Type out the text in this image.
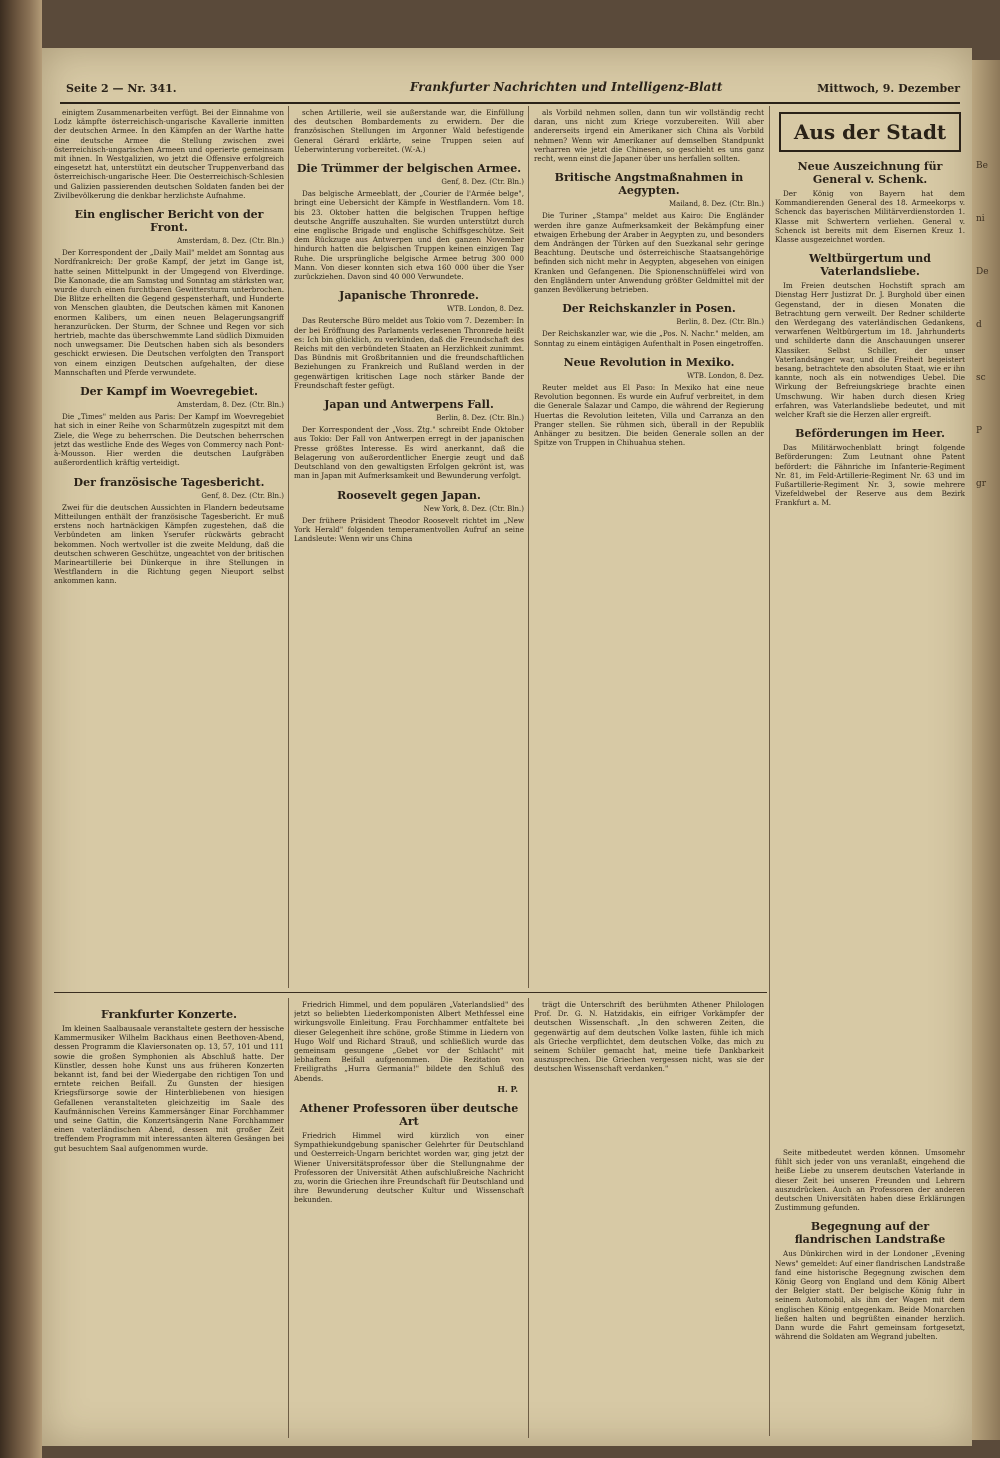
Seite 2 — Nr. 341.	Frankfurter Nachrichten und Intelligenz-Blatt	Mittwoch, 9. Dezember

einigtem Zusammenarbeiten verfügt. Bei der Einnahme von Lodz kämpfte österreichisch-ungarische Kavallerie inmitten der deutschen Armee. In den Kämpfen an der Warthe hatte eine deutsche Armee die Stellung zwischen zwei österreichisch-ungarischen Armeen und operierte gemeinsam mit ihnen. In Westgalizien, wo jetzt die Offensive erfolgreich eingesetzt hat, unterstützt ein deutscher Truppenverband das österreichisch-ungarische Heer. Die Oesterreichisch-Schlesien und Galizien passierenden deutschen Soldaten fanden bei der Zivilbevölkerung die denkbar herzlichste Aufnahme.

Ein englischer Bericht von der Front.
Amsterdam, 8. Dez. (Ctr. Bln.)

Der Korrespondent der „Daily Mail" meldet am Sonntag aus Nordfrankreich: Der große Kampf, der jetzt im Gange ist, hatte seinen Mittelpunkt in der Umgegend von Elverdinge. Die Kanonade, die am Samstag und Sonntag am stärksten war, wurde durch einen furchtbaren Gewittersturm unterbrochen. Die Blitze erhellten die Gegend gespensterhaft, und Hunderte von Menschen glaubten, die Deutschen kämen mit Kanonen enormen Kalibers, um einen neuen Belagerungsangriff heranzurücken. Der Sturm, der Schnee und Regen vor sich hertrieb, machte das überschwemmte Land südlich Dixmuiden noch unwegsamer. Die Deutschen haben sich als besonders geschickt erwiesen. Die Deutschen verfolgten den Transport von einem einzigen Deutschen aufgehalten, der diese Mannschaften und Pferde verwundete.

Der Kampf im Woevregebiet.
Amsterdam, 8. Dez. (Ctr. Bln.)

Die „Times" melden aus Paris: Der Kampf im Woevregebiet hat sich in einer Reihe von Scharmützeln zugespitzt mit dem Ziele, die Wege zu beherrschen. Die Deutschen beherrschen jetzt das westliche Ende des Weges von Commercy nach Pont-à-Mousson. Hier werden die deutschen Laufgräben außerordentlich kräftig verteidigt.

Der französische Tagesbericht.
Genf, 8. Dez. (Ctr. Bln.)

Zwei für die deutschen Aussichten in Flandern bedeutsame Mitteilungen enthält der französische Tagesbericht. Er muß erstens noch hartnäckigen Kämpfen zugestehen, daß die Verbündeten am linken Yserufer rückwärts gebracht bekommen. Noch wertvoller ist die zweite Meldung, daß die deutschen schweren Geschütze, ungeachtet von der britischen Marineartillerie bei Dünkerque in ihre Stellungen in Westflandern in die Richtung gegen Nieuport selbst ankommen kann.

schen Artillerie, weil sie außerstande war, die Einfüllung des deutschen Bombardements zu erwidern. Der die französischen Stellungen im Argonner Wald befestigende General Gérard erklärte, seine Truppen seien auf Ueberwinterung vorbereitet. (W.-A.)

Die Trümmer der belgischen Armee.
Genf, 8. Dez. (Ctr. Bln.)

Das belgische Armeeblatt, der „Courier de l'Armée belge", bringt eine Uebersicht der Kämpfe in Westflandern. Vom 18. bis 23. Oktober hatten die belgischen Truppen heftige deutsche Angriffe auszuhalten. Sie wurden unterstützt durch eine englische Brigade und englische Schiffsgeschütze. Seit dem Rückzuge aus Antwerpen und den ganzen November hindurch hatten die belgischen Truppen keinen einzigen Tag Ruhe. Die ursprüngliche belgische Armee betrug 300 000 Mann. Von dieser konnten sich etwa 160 000 über die Yser zurückziehen. Davon sind 40 000 Verwundete.

Japanische Thronrede.
WTB. London, 8. Dez.

Das Reutersche Büro meldet aus Tokio vom 7. Dezember: In der bei Eröffnung des Parlaments verlesenen Thronrede heißt es: Ich bin glücklich, zu verkünden, daß die Freundschaft des Reichs mit den verbündeten Staaten an Herzlichkeit zunimmt. Das Bündnis mit Großbritannien und die freundschaftlichen Beziehungen zu Frankreich und Rußland werden in der gegenwärtigen kritischen Lage noch stärker Bande der Freundschaft fester gefügt.

Japan und Antwerpens Fall.
Berlin, 8. Dez. (Ctr. Bln.)

Der Korrespondent der „Voss. Ztg." schreibt Ende Oktober aus Tokio: Der Fall von Antwerpen erregt in der japanischen Presse größtes Interesse. Es wird anerkannt, daß die Belagerung von außerordentlicher Energie zeugt und daß Deutschland von den gewaltigsten Erfolgen gekrönt ist, was man in Japan mit Aufmerksamkeit und Bewunderung verfolgt.

Roosevelt gegen Japan.
New York, 8. Dez. (Ctr. Bln.)

Der frühere Präsident Theodor Roosevelt richtet im „New York Herald" folgenden temperamentvollen Aufruf an seine Landsleute: Wenn wir uns China

als Vorbild nehmen sollen, dann tun wir vollständig recht daran, uns nicht zum Kriege vorzubereiten. Will aber andererseits irgend ein Amerikaner sich China als Vorbild nehmen? Wenn wir Amerikaner auf demselben Standpunkt verharren wie jetzt die Chinesen, so geschieht es uns ganz recht, wenn einst die Japaner über uns herfallen sollten.

Britische Angstmaßnahmen in Aegypten.
Mailand, 8. Dez. (Ctr. Bln.)

Die Turiner „Stampa" meldet aus Kairo: Die Engländer werden ihre ganze Aufmerksamkeit der Bekämpfung einer etwaigen Erhebung der Araber in Aegypten zu, und besonders dem Andrängen der Türken auf den Suezkanal sehr geringe Beachtung. Deutsche und österreichische Staatsangehörige befinden sich nicht mehr in Aegypten, abgesehen von einigen Kranken und Gefangenen. Die Spionenschnüffelei wird von den Engländern unter Anwendung größter Geldmittel mit der ganzen Bevölkerung betrieben.

Der Reichskanzler in Posen.
Berlin, 8. Dez. (Ctr. Bln.)

Der Reichskanzler war, wie die „Pos. N. Nachr." melden, am Sonntag zu einem eintägigen Aufenthalt in Posen eingetroffen.

Neue Revolution in Mexiko.
WTB. London, 8. Dez.

Reuter meldet aus El Paso: In Mexiko hat eine neue Revolution begonnen. Es wurde ein Aufruf verbreitet, in dem die Generale Salazar und Campo, die während der Regierung Huertas die Revolution leiteten, Villa und Carranza an den Pranger stellen. Sie rühmen sich, überall in der Republik Anhänger zu besitzen. Die beiden Generale sollen an der Spitze von Truppen in Chihuahua stehen.

Aus der Stadt
Neue Auszeichnung für General v. Schenk.

Der König von Bayern hat dem Kommandierenden General des 18. Armeekorps v. Schenck das bayerischen Militärverdienstorden 1. Klasse mit Schwertern verliehen. General v. Schenck ist bereits mit dem Eisernen Kreuz 1. Klasse ausgezeichnet worden.

Weltbürgertum und Vaterlandsliebe.

Im Freien deutschen Hochstift sprach am Dienstag Herr Justizrat Dr. J. Burghold über einen Gegenstand, der in diesen Monaten die Betrachtung gern verweilt. Der Redner schilderte den Werdegang des vaterländischen Gedankens, verwarfenen Weltbürgertum im 18. Jahrhunderts und schilderte dann die Anschauungen unserer Klassiker. Selbst Schiller, der unser Vaterlandsänger war, und die Freiheit begeistert besang, betrachtete den absoluten Staat, wie er ihn kannte, noch als ein notwendiges Uebel. Die Wirkung der Befreiungskriege brachte einen Umschwung. Wir haben durch diesen Krieg erfahren, was Vaterlandsliebe bedeutet, und mit welcher Kraft sie die Herzen aller ergreift.

Beförderungen im Heer.

Das Militärwochenblatt bringt folgende Beförderungen: Zum Leutnant ohne Patent befördert: die Fähnriche im Infanterie-Regiment Nr. 81, im Feld-Artillerie-Regiment Nr. 63 und im Fußartillerie-Regiment Nr. 3, sowie mehrere Vizefeldwebel der Reserve aus dem Bezirk Frankfurt a. M.

Frankfurter Konzerte.

Im kleinen Saalbausaale veranstaltete gestern der hessische Kammermusiker Wilhelm Backhaus einen Beethoven-Abend, dessen Programm die Klaviersonaten op. 13, 57, 101 und 111 sowie die großen Symphonien als Abschluß hatte. Der Künstler, dessen hohe Kunst uns aus früheren Konzerten bekannt ist, fand bei der Wiedergabe den richtigen Ton und erntete reichen Beifall. Zu Gunsten der hiesigen Kriegsfürsorge sowie der Hinterbliebenen von hiesigen Gefallenen veranstalteten gleichzeitig im Saale des Kaufmännischen Vereins Kammersänger Einar Forchhammer und seine Gattin, die Konzertsängerin Nane Forchhammer einen vaterländischen Abend, dessen mit großer Zeit treffendem Programm mit interessanten älteren Gesängen bei gut besuchtem Saal aufgenommen wurde.

Friedrich Himmel, und dem populären „Vaterlandslied" des jetzt so beliebten Liederkomponisten Albert Methfessel eine wirkungsvolle Einleitung. Frau Forchhammer entfaltete bei dieser Gelegenheit ihre schöne, große Stimme in Liedern von Hugo Wolf und Richard Strauß, und schließlich wurde das gemeinsam gesungene „Gebet vor der Schlacht" mit lebhaftem Beifall aufgenommen. Die Rezitation von Freiligraths „Hurra Germania!" bildete den Schluß des Abends.

H. P.
Athener Professoren über deutsche Art

Friedrich Himmel wird kürzlich von einer Sympathiekundgebung spanischer Gelehrter für Deutschland und Oesterreich-Ungarn berichtet worden war, ging jetzt der Wiener Universitätsprofessor über die Stellungnahme der Professoren der Universität Athen aufschlußreiche Nachricht zu, worin die Griechen ihre Freundschaft für Deutschland und ihre Bewunderung deutscher Kultur und Wissenschaft bekunden.

trägt die Unterschrift des berühmten Athener Philologen Prof. Dr. G. N. Hatzidakis, ein eifriger Vorkämpfer der deutschen Wissenschaft. „In den schweren Zeiten, die gegenwärtig auf dem deutschen Volke lasten, fühle ich mich als Grieche verpflichtet, dem deutschen Volke, das mich zu seinem Schüler gemacht hat, meine tiefe Dankbarkeit auszusprechen. Die Griechen vergessen nicht, was sie der deutschen Wissenschaft verdanken."

Seite mitbedeutet werden können. Umsomehr fühlt sich jeder von uns veranlaßt, eingehend die heiße Liebe zu unserem deutschen Vaterlande in dieser Zeit bei unseren Freunden und Lehrern auszudrücken. Auch an Professoren der anderen deutschen Universitäten haben diese Erklärungen Zustimmung gefunden.

Begegnung auf der flandrischen Landstraße

Aus Dünkirchen wird in der Londoner „Evening News" gemeldet: Auf einer flandrischen Landstraße fand eine historische Begegnung zwischen dem König Georg von England und dem König Albert der Belgier statt. Der belgische König fuhr in seinem Automobil, als ihm der Wagen mit dem englischen König entgegenkam. Beide Monarchen ließen halten und begrüßten einander herzlich. Dann wurde die Fahrt gemeinsam fortgesetzt, während die Soldaten am Wegrand jubelten.

Be
ni
De
d
sc
P
gr
